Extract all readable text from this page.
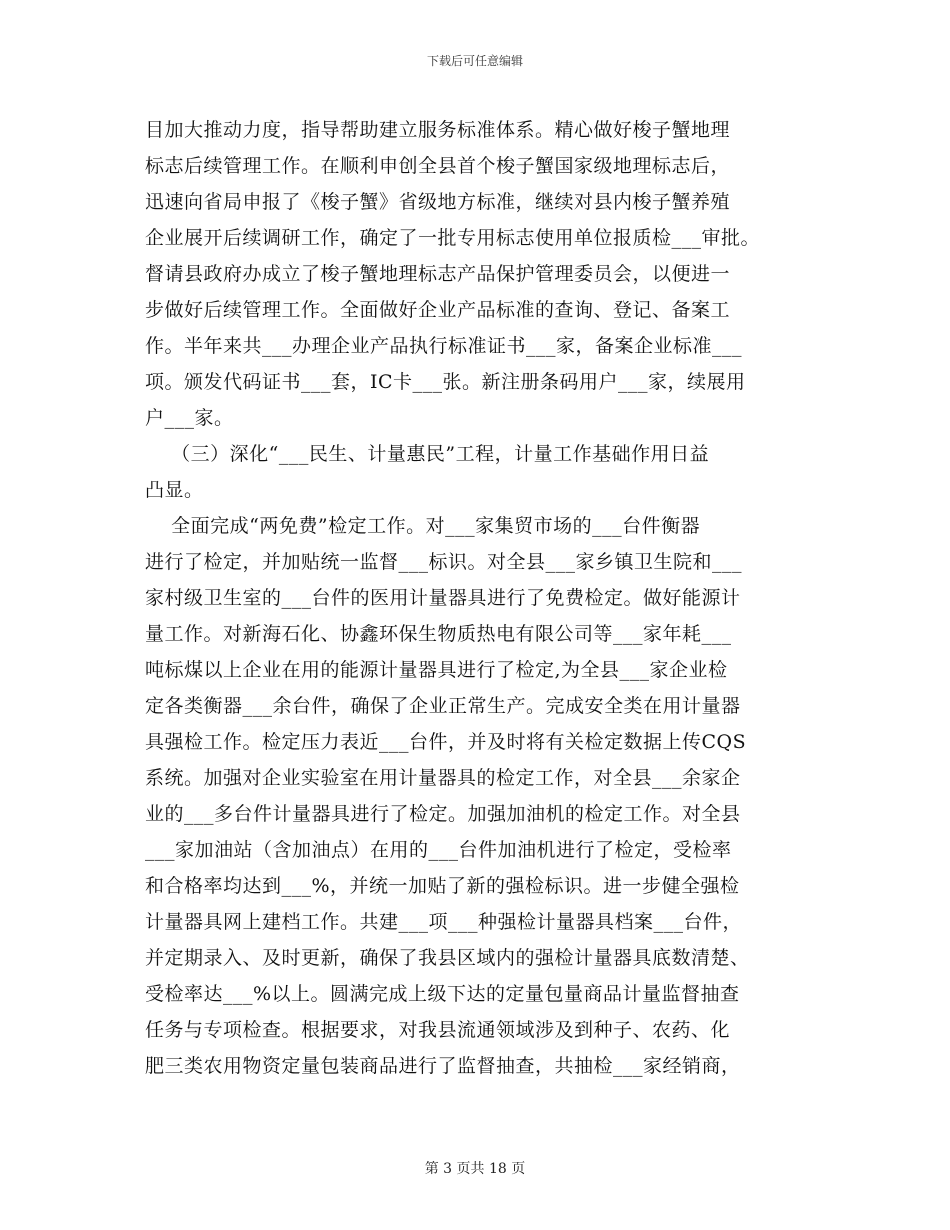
下载后可任意编辑
目加大推动力度，指导帮助建立服务标准体系。精心做好梭子蟹地理
标志后续管理工作。在顺利申创全县首个梭子蟹国家级地理标志后，
迅速向省局申报了《梭子蟹》省级地方标准，继续对县内梭子蟹养殖
企业展开后续调研工作，确定了一批专用标志使用单位报质检___审批。
督请县政府办成立了梭子蟹地理标志产品保护管理委员会，以便进一
步做好后续管理工作。全面做好企业产品标准的查询、登记、备案工
作。半年来共___办理企业产品执行标准证书___家，备案企业标准___
项。颁发代码证书___套，IC卡___张。新注册条码用户___家，续展用
户___家。
（三）深化“___民生、计量惠民”工程，计量工作基础作用日益
凸显。
全面完成“两免费”检定工作。对___家集贸市场的___台件衡器
进行了检定，并加贴统一监督___标识。对全县___家乡镇卫生院和___
家村级卫生室的___台件的医用计量器具进行了免费检定。做好能源计
量工作。对新海石化、协鑫环保生物质热电有限公司等___家年耗___
吨标煤以上企业在用的能源计量器具进行了检定,为全县___家企业检
定各类衡器___余台件，确保了企业正常生产。完成安全类在用计量器
具强检工作。检定压力表近___台件，并及时将有关检定数据上传CQS
系统。加强对企业实验室在用计量器具的检定工作，对全县___余家企
业的___多台件计量器具进行了检定。加强加油机的检定工作。对全县
___家加油站（含加油点）在用的___台件加油机进行了检定，受检率
和合格率均达到___%，并统一加贴了新的强检标识。进一步健全强检
计量器具网上建档工作。共建___项___种强检计量器具档案___台件，
并定期录入、及时更新，确保了我县区域内的强检计量器具底数清楚、
受检率达___%以上。圆满完成上级下达的定量包量商品计量监督抽查
任务与专项检查。根据要求，对我县流通领域涉及到种子、农药、化
肥三类农用物资定量包装商品进行了监督抽查，共抽检___家经销商，
第 3 页共 18 页
